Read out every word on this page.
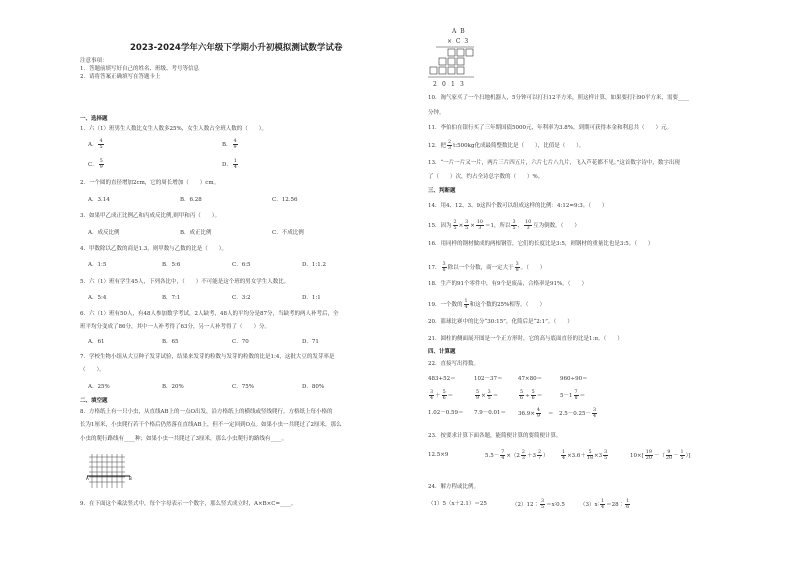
2023-2024学年六年级下学期小升初模拟测试数学试卷
注意事项：
1．答题前填写好自己的姓名、班级、考号等信息
2．请将答案正确填写在答题卡上
一、选择题
1．六（1）班男生人数比女生人数多25%，女生人数占全班人数的（　　）。
A． $\frac{4}{5}$	B． $\frac{4}{9}$
C． $\frac{5}{9}$	D． $\frac{1}{4}$
2．一个圆的直径增加2cm，它的周长增加（　　）cm。
A．3.14	B．6.28	C．12.56
3．如果甲乙成正比例乙和丙成反比例,则甲和丙（　　）。
A．成反比例	B．成正比例	C．不成比例
4．甲数除以乙数的商是1.3，则甲数与乙数的比是（　　）。
A．1:5	B．5:6	C．6:5	D．1:1.2
5．六（1）班有学生45人，下列各比中，（　　）不可能是这个班的男女学生人数比。
A．5:4	B．7:1	C．3:2	D．1:1
6．六（1）班有50人，有48人参加数学考试，2人缺考，48人的平均分是87分，当缺考的两人补考后，全
班平均分变成了86分，其中一人补考得了63分，另一人补考得了（　　）分。
A．61	B．65	C．70	D．71
7．学校生物小组从大豆种子发芽试验，结果来发芽的粒数与发芽的粒数的比是1:4，这批大豆的发芽率是
（　　）。
A．25%	B．20%	C．75%	D．80%
二、填空题
8．方格纸上有一只小虫，从直线AB上的一点O出发，沿方格纸上的横线或竖线爬行。方格纸上每小格的
长为1厘米，小虫爬行若干个格后仍然落在直线AB上，但不一定回到O点。如果小虫一共爬过了2厘米，那么
小虫的爬行路线有____种；如果小虫一共爬过了3厘米，那么小虫爬行的路线有____。
A	B
9．在下面这个乘法竖式中，每个字母表示一个数字，那么竖式成立时，A×B×C=____。
A B
× C 3
2 0 1 3
10．淘气家买了一个扫地机器人，5分钟可以打扫12平方米，照这样计算，如果要打扫90平方米，需要____
分钟。
11．李伯伯在银行买了三年期国债5000元，年利率为3.8%，到期可获得本金和利息共（　　）元。
12．把 $\frac{2}{3}$ t:500kg化成最简整数比是（　　），比值是（　　）。
13．“一片一片又一片，两片三片四五片，六片七片八九片，飞入芦花都不见。”这首数字诗中，数字出现
了（　　）次，约占全诗总字数的（　　）%。
三、判断题
14．用4、12、3、9这四个数可以组成这样的比例：4:12=9:3。（　　）
15．因为 $\frac{2}{5} \times \frac{3}{5} \times \frac{10}{3} =1$，所以 $\frac{3}{5}$ 、 $\frac{10}{3}$ 互为倒数。（　　）
16．用同样的钢材做成的两根钢管，它们的长度比是3:5，则钢材的重量比也是3:5。（　　）
17． $\frac{3}{8}$ 除以一个分数，商一定大于 $\frac{3}{8}$ 。（　　）
18．生产的91个零件中，有9个是废品，合格率是91%。（　　）
19．一个数的 $\frac{1}{4}$ 和这个数的25%相等。（　　）
20．篮球比赛中的比分“30:15”，化简后是“2:1”。（　　）
21．圆柱的侧面展开图是一个正方形时，它的高与底面直径的比是1:π。（　　）
四、计算题
22．直接写出得数。
483+52＝	102－37＝	47×80＝	960÷90＝
$\frac{3}{4} + \frac{5}{6}$ ＝	$\frac{5}{9} \times \frac{3}{5}$ ＝	$\frac{5}{6} \div \frac{5}{6}$ ＝	$5-1 \frac{7}{8}$ ＝
$1.02-0.59= 7.9-0.01= 36.9\times \frac{4}{9}$ ＝　$2.5-0.25- \frac{3}{4}$
23．按要求计算下面各题，能简便计算的要简便计算。
12.5×9	$5.5- \frac{7}{4} \times(2 \frac{2}{3} +3 \frac{2}{7}$ ）	$\frac{1}{4} \times 3.6+ \frac{5}{18} \times 3 \frac{3}{5}$	$10\times[ \frac{19}{20}$ －（ $\frac{9}{20} - \frac{1}{5}$ ）]
24．解方程或比例。
（1）5（x＋2.1）＝25	（2）12∶ $\frac{3}{5}$ ＝x∶0.5	（3）x∶ $\frac{1}{4}$ ＝28∶ $\frac{1}{6}$
